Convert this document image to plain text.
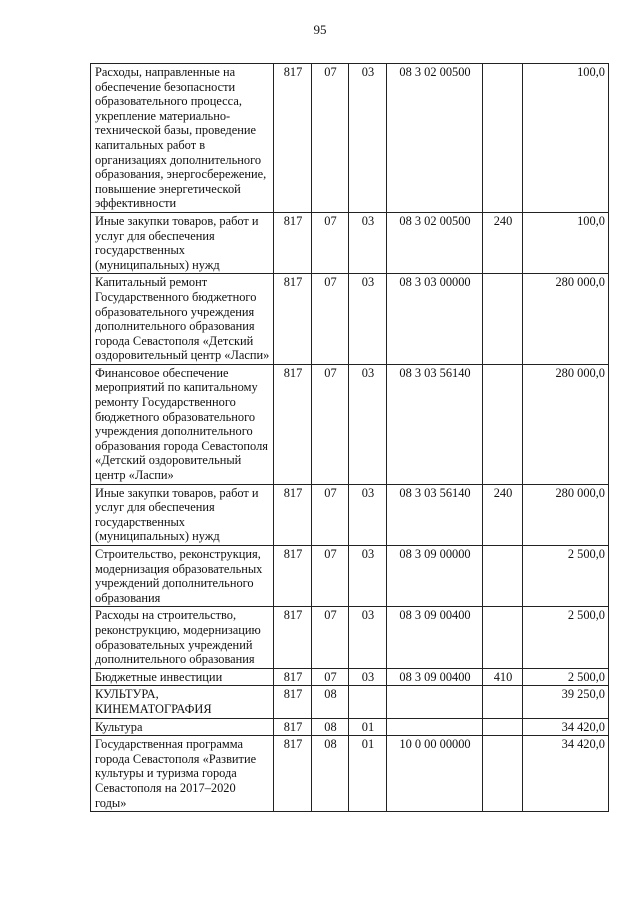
95
Расходы, направленные на обеспечение безопасности образовательного процесса, укрепление материально-технической базы, проведение капитальных работ в организациях дополнительного образования, энергосбережение, повышение энергетической эффективности	817	07	03	08 3 02 00500		100,0
Иные закупки товаров, работ и услуг для обеспечения государственных (муниципальных) нужд	817	07	03	08 3 02 00500	240	100,0
Капитальный ремонт Государственного бюджетного образовательного учреждения дополнительного образования города Севастополя «Детский оздоровительный центр «Ласпи»	817	07	03	08 3 03 00000		280 000,0
Финансовое обеспечение мероприятий по капитальному ремонту Государственного бюджетного образовательного учреждения дополнительного образования города Севастополя «Детский оздоровительный центр «Ласпи»	817	07	03	08 3 03 56140		280 000,0
Иные закупки товаров, работ и услуг для обеспечения государственных (муниципальных) нужд	817	07	03	08 3 03 56140	240	280 000,0
Строительство, реконструкция, модернизация образовательных учреждений дополнительного образования	817	07	03	08 3 09 00000		2 500,0
Расходы на строительство, реконструкцию, модернизацию образовательных учреждений дополнительного образования	817	07	03	08 3 09 00400		2 500,0
Бюджетные инвестиции	817	07	03	08 3 09 00400	410	2 500,0
КУЛЬТУРА, КИНЕМАТОГРАФИЯ	817	08				39 250,0
Культура	817	08	01			34 420,0
Государственная программа города Севастополя «Развитие культуры и туризма города Севастополя на 2017–2020 годы»	817	08	01	10 0 00 00000		34 420,0
